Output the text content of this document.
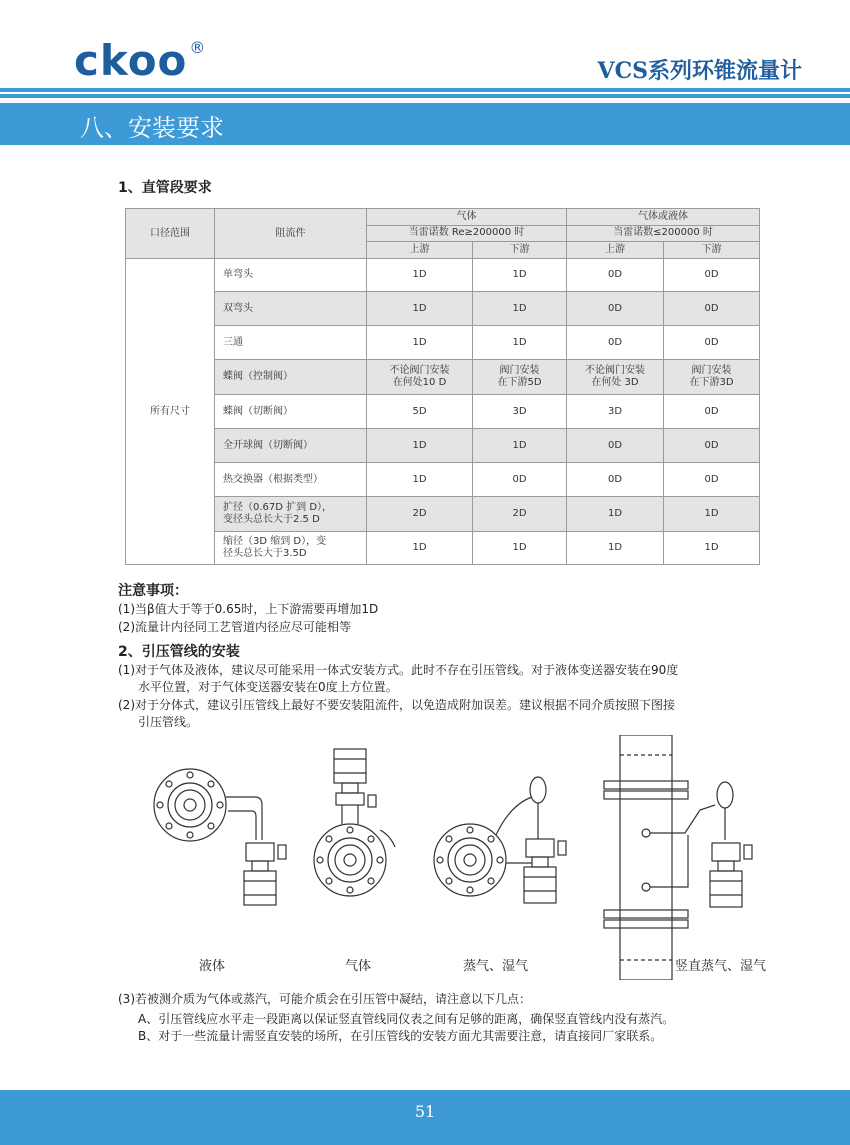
ckoo ®
VCS系列环锥流量计
八、安装要求
1、直管段要求
口径范围	阻流件	气体		气体或液体	
		当雷诺数 Re≥200000 时		当雷诺数≤200000 时	
		上游	下游	上游	下游
所有尺寸	单弯头	1D	1D	0D	0D
	双弯头	1D	1D	0D	0D
	三通	1D	1D	0D	0D
	蝶阀（控制阀）	不论阀门安装
在何处10 D	阀门安装
在下游5D	不论阀门安装
在何处 3D	阀门安装
在下游3D
	蝶阀（切断阀）	5D	3D	3D	0D
	全开球阀（切断阀）	1D	1D	0D	0D
	热交换器（根据类型）	1D	0D	0D	0D
	扩径（0.67D 扩到 D），
变径头总长大于2.5 D	2D	2D	1D	1D
	缩径（3D 缩到 D），变
径头总长大于3.5D	1D	1D	1D	1D
注意事项：
(1)当β值大于等于0.65时，上下游需要再增加1D
(2)流量计内径同工艺管道内径应尽可能相等
2、引压管线的安装
(1)对于气体及液体，建议尽可能采用一体式安装方式。此时不存在引压管线。对于液体变送器安装在90度
水平位置，对于气体变送器安装在0度上方位置。
(2)对于分体式，建议引压管线上最好不要安装阻流件，以免造成附加误差。建议根据不同介质按照下图接
引压管线。
液体	气体	蒸气、湿气	竖直蒸气、湿气
(3)若被测介质为气体或蒸汽，可能介质会在引压管中凝结，请注意以下几点：
A、引压管线应水平走一段距离以保证竖直管线同仪表之间有足够的距离，确保竖直管线内没有蒸汽。
B、对于一些流量计需竖直安装的场所，在引压管线的安装方面尤其需要注意，请直接同厂家联系。
51
